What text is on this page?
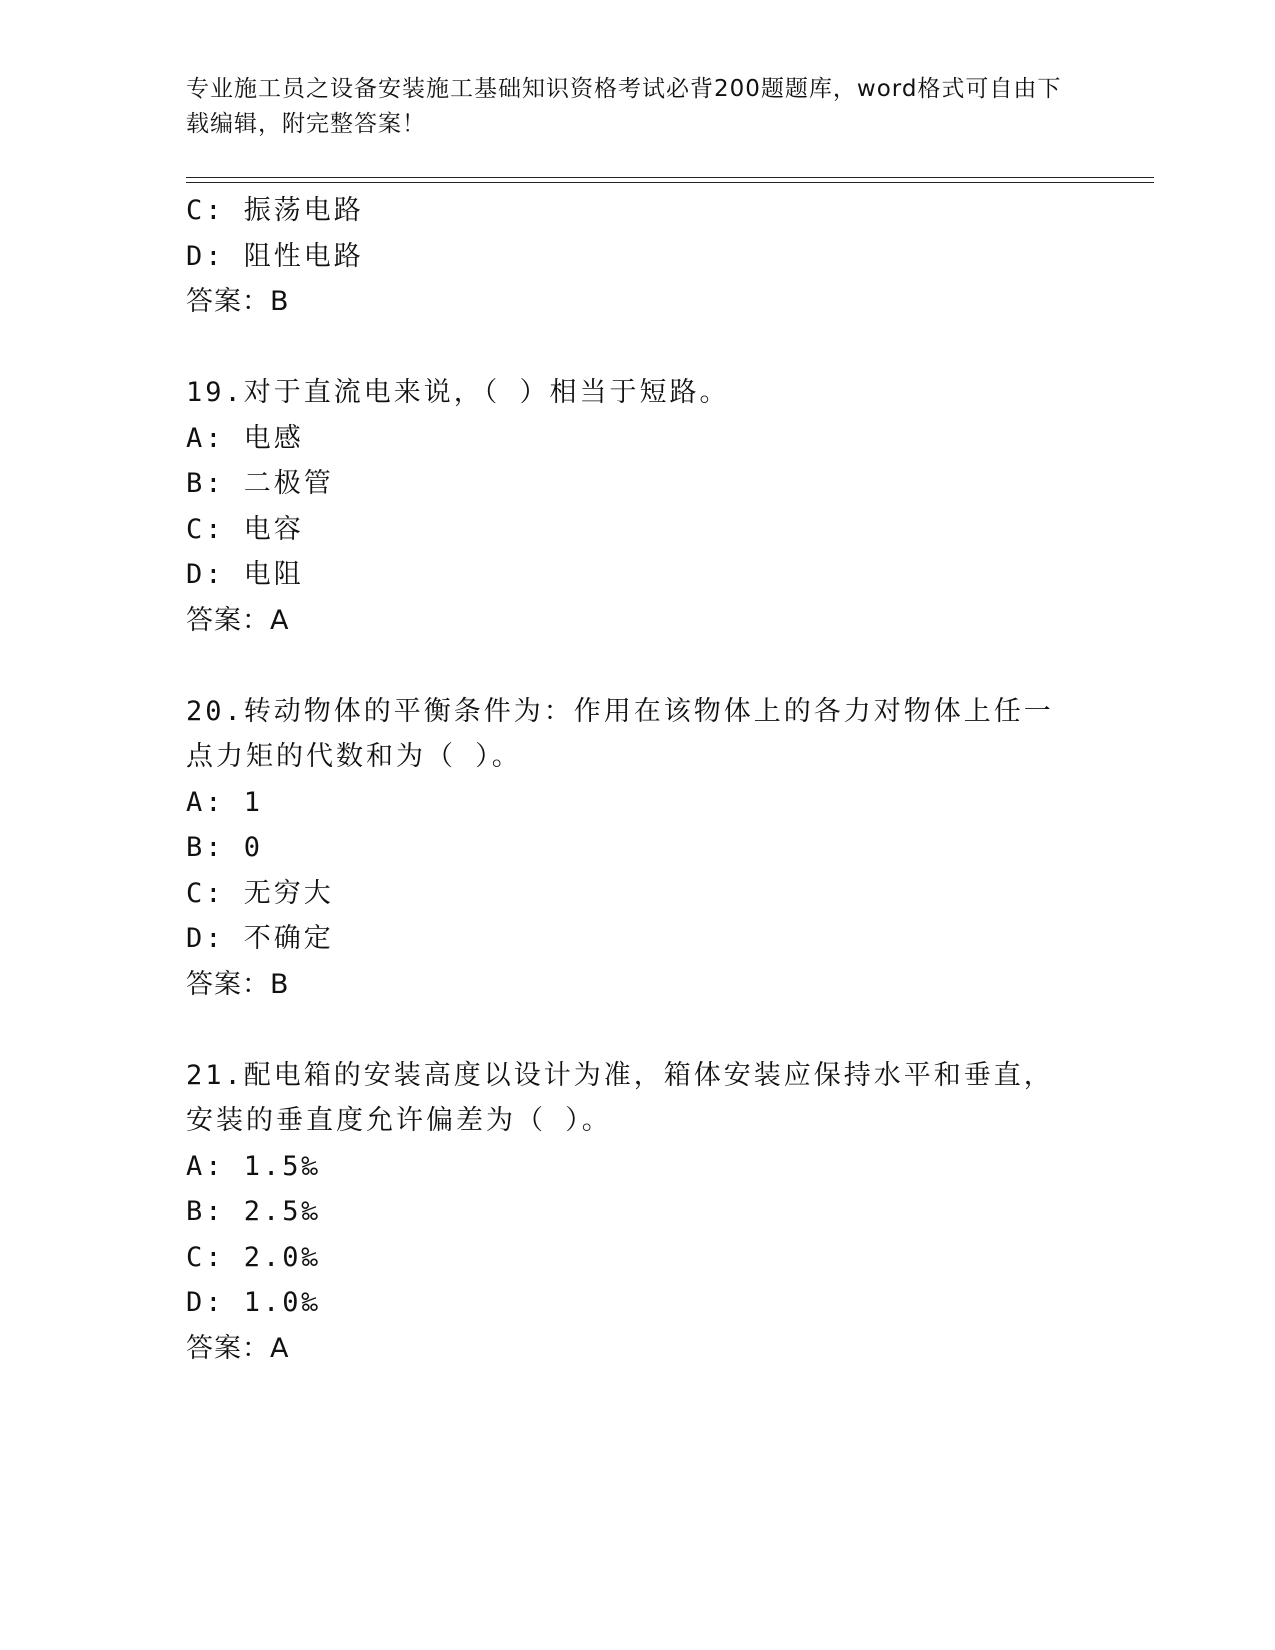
专业施工员之设备安装施工基础知识资格考试必背200题题库，word格式可自由下载编辑，附完整答案！
C: 振荡电路
D: 阻性电路
答案：B
19.对于直流电来说，（ ）相当于短路。
A: 电感
B: 二极管
C: 电容
D: 电阻
答案：A
20.转动物体的平衡条件为：作用在该物体上的各力对物体上任一点力矩的代数和为（ ）。
A: 1
B: 0
C: 无穷大
D: 不确定
答案：B
21.配电箱的安装高度以设计为准，箱体安装应保持水平和垂直，安装的垂直度允许偏差为（ ）。
A: 1.5‰
B: 2.5‰
C: 2.0‰
D: 1.0‰
答案：A
